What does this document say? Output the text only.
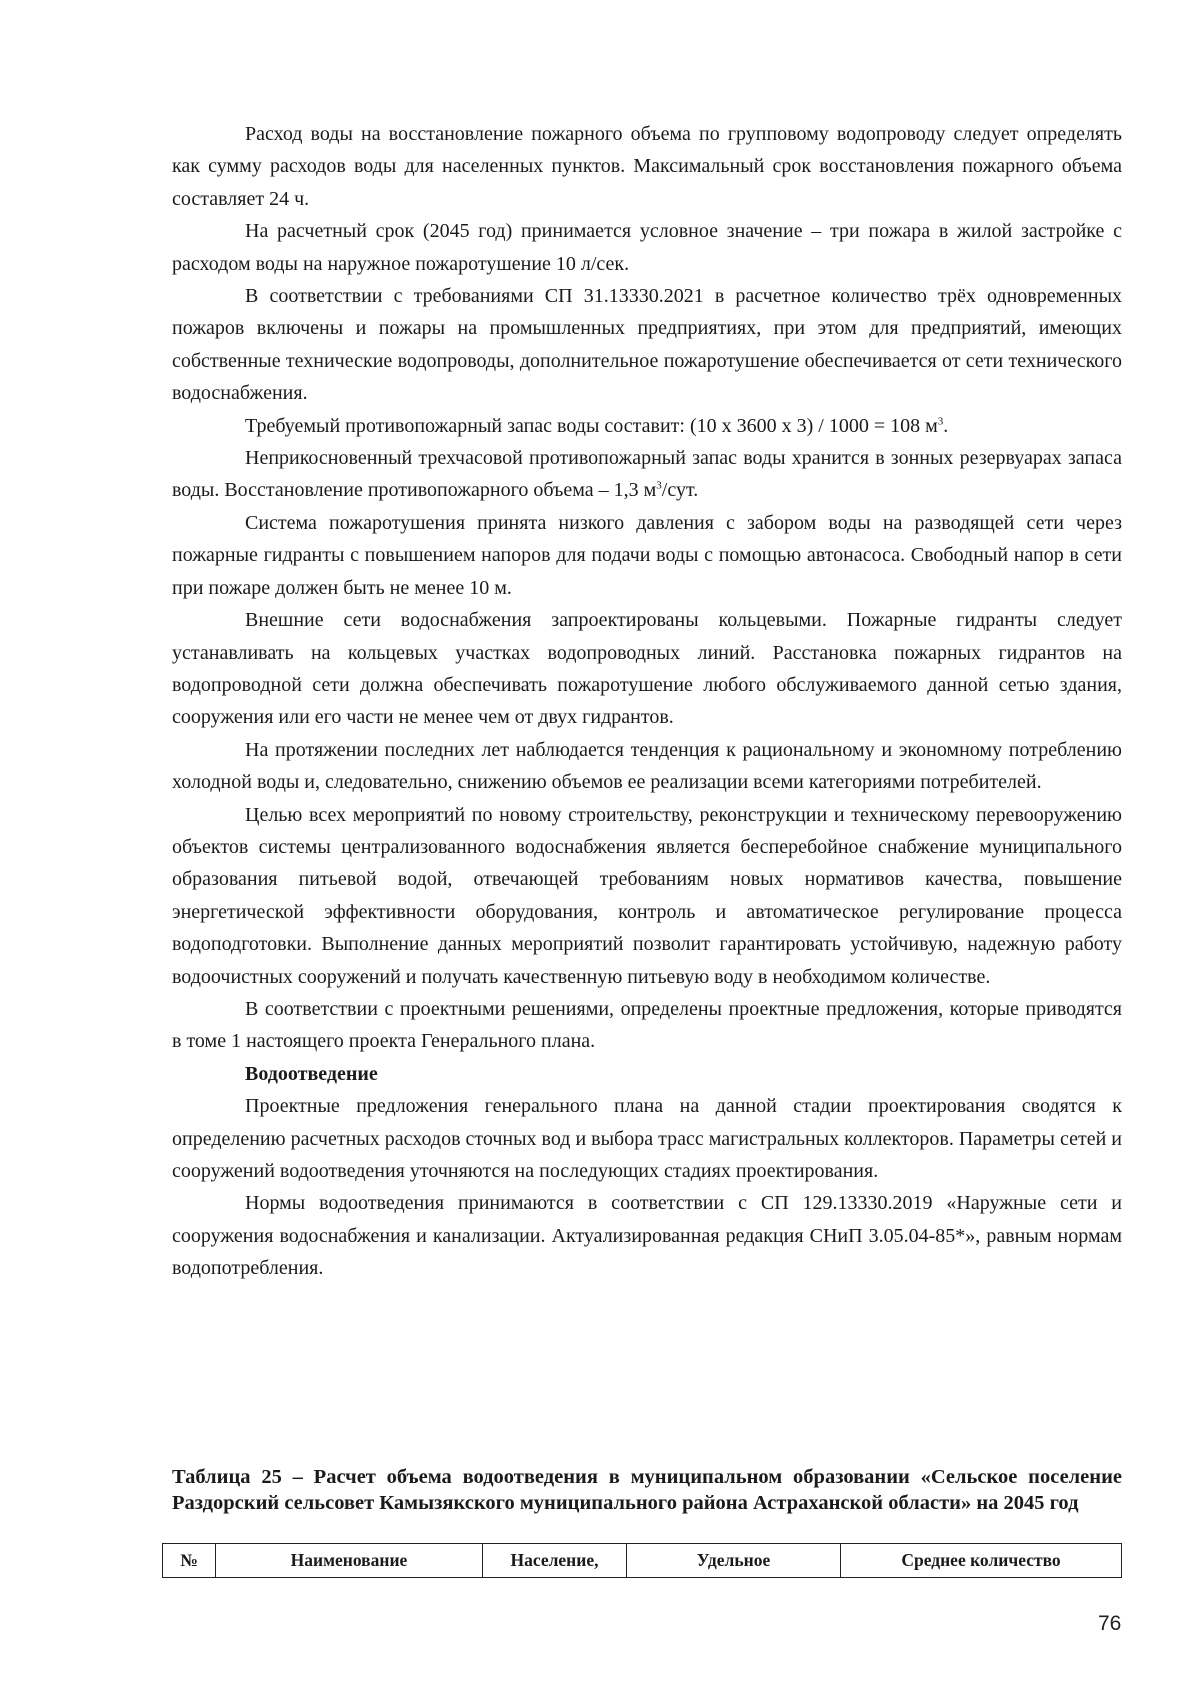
Расход воды на восстановление пожарного объема по групповому водопроводу следует определять как сумму расходов воды для населенных пунктов. Максимальный срок восстановления пожарного объема составляет 24 ч.

На расчетный срок (2045 год) принимается условное значение – три пожара в жилой застройке с расходом воды на наружное пожаротушение 10 л/сек.

В соответствии с требованиями СП 31.13330.2021 в расчетное количество трёх одновременных пожаров включены и пожары на промышленных предприятиях, при этом для предприятий, имеющих собственные технические водопроводы, дополнительное пожаротушение обеспечивается от сети технического водоснабжения.

Требуемый противопожарный запас воды составит: (10 x 3600 x 3) / 1000 = 108 $м^3$.

Неприкосновенный трехчасовой противопожарный запас воды хранится в зонных резервуарах запаса воды. Восстановление противопожарного объема – 1,3 $м^3$/сут.

Система пожаротушения принята низкого давления с забором воды на разводящей сети через пожарные гидранты с повышением напоров для подачи воды с помощью автонасоса. Свободный напор в сети при пожаре должен быть не менее 10 м.

Внешние сети водоснабжения запроектированы кольцевыми. Пожарные гидранты следует устанавливать на кольцевых участках водопроводных линий. Расстановка пожарных гидрантов на водопроводной сети должна обеспечивать пожаротушение любого обслуживаемого данной сетью здания, сооружения или его части не менее чем от двух гидрантов.

На протяжении последних лет наблюдается тенденция к рациональному и экономному потреблению холодной воды и, следовательно, снижению объемов ее реализации всеми категориями потребителей.

Целью всех мероприятий по новому строительству, реконструкции и техническому перевооружению объектов системы централизованного водоснабжения является бесперебойное снабжение муниципального образования питьевой водой, отвечающей требованиям новых нормативов качества, повышение энергетической эффективности оборудования, контроль и автоматическое регулирование процесса водоподготовки. Выполнение данных мероприятий позволит гарантировать устойчивую, надежную работу водоочистных сооружений и получать качественную питьевую воду в необходимом количестве.

В соответствии с проектными решениями, определены проектные предложения, которые приводятся в томе 1 настоящего проекта Генерального плана.

Водоотведение

Проектные предложения генерального плана на данной стадии проектирования сводятся к определению расчетных расходов сточных вод и выбора трасс магистральных коллекторов. Параметры сетей и сооружений водоотведения уточняются на последующих стадиях проектирования.

Нормы водоотведения принимаются в соответствии с СП 129.13330.2019 «Наружные сети и сооружения водоснабжения и канализации. Актуализированная редакция СНиП 3.05.04-85*», равным нормам водопотребления.

Таблица 25 – Расчет объема водоотведения в муниципальном образовании «Сельское поселение Раздорский сельсовет Камызякского муниципального района Астраханской области» на 2045 год
№	Наименование	Население,	Удельное	Среднее количество
76
